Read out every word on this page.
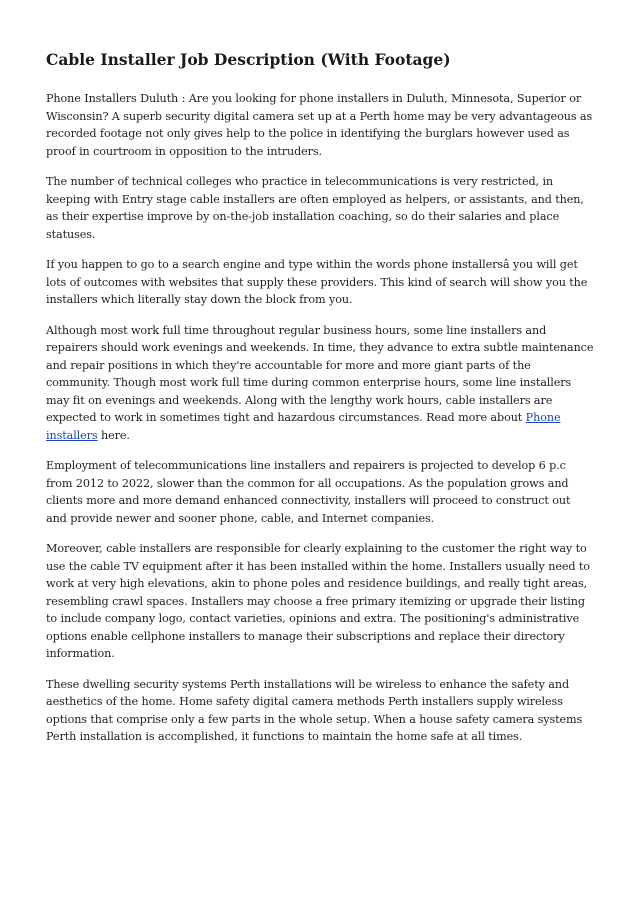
Cable Installer Job Description (With Footage)

Phone Installers Duluth : Are you looking for phone installers in Duluth, Minnesota, Superior or Wisconsin? A superb security digital camera set up at a Perth home may be very advantageous as recorded footage not only gives help to the police in identifying the burglars however used as proof in courtroom in opposition to the intruders.

The number of technical colleges who practice in telecommunications is very restricted, in keeping with Entry stage cable installers are often employed as helpers, or assistants, and then, as their expertise improve by on-the-job installation coaching, so do their salaries and place statuses.

If you happen to go to a search engine and type within the words phone installersâ you will get lots of outcomes with websites that supply these providers. This kind of search will show you the installers which literally stay down the block from you.

Although most work full time throughout regular business hours, some line installers and repairers should work evenings and weekends. In time, they advance to extra subtle maintenance and repair positions in which they're accountable for more and more giant parts of the community. Though most work full time during common enterprise hours, some line installers may fit on evenings and weekends. Along with the lengthy work hours, cable installers are expected to work in sometimes tight and hazardous circumstances. Read more about Phone installers here.

Employment of telecommunications line installers and repairers is projected to develop 6 p.c from 2012 to 2022, slower than the common for all occupations. As the population grows and clients more and more demand enhanced connectivity, installers will proceed to construct out and provide newer and sooner phone, cable, and Internet companies.

Moreover, cable installers are responsible for clearly explaining to the customer the right way to use the cable TV equipment after it has been installed within the home. Installers usually need to work at very high elevations, akin to phone poles and residence buildings, and really tight areas, resembling crawl spaces. Installers may choose a free primary itemizing or upgrade their listing to include company logo, contact varieties, opinions and extra. The positioning's administrative options enable cellphone installers to manage their subscriptions and replace their directory information.

These dwelling security systems Perth installations will be wireless to enhance the safety and aesthetics of the home. Home safety digital camera methods Perth installers supply wireless options that comprise only a few parts in the whole setup. When a house safety camera systems Perth installation is accomplished, it functions to maintain the home safe at all times.
